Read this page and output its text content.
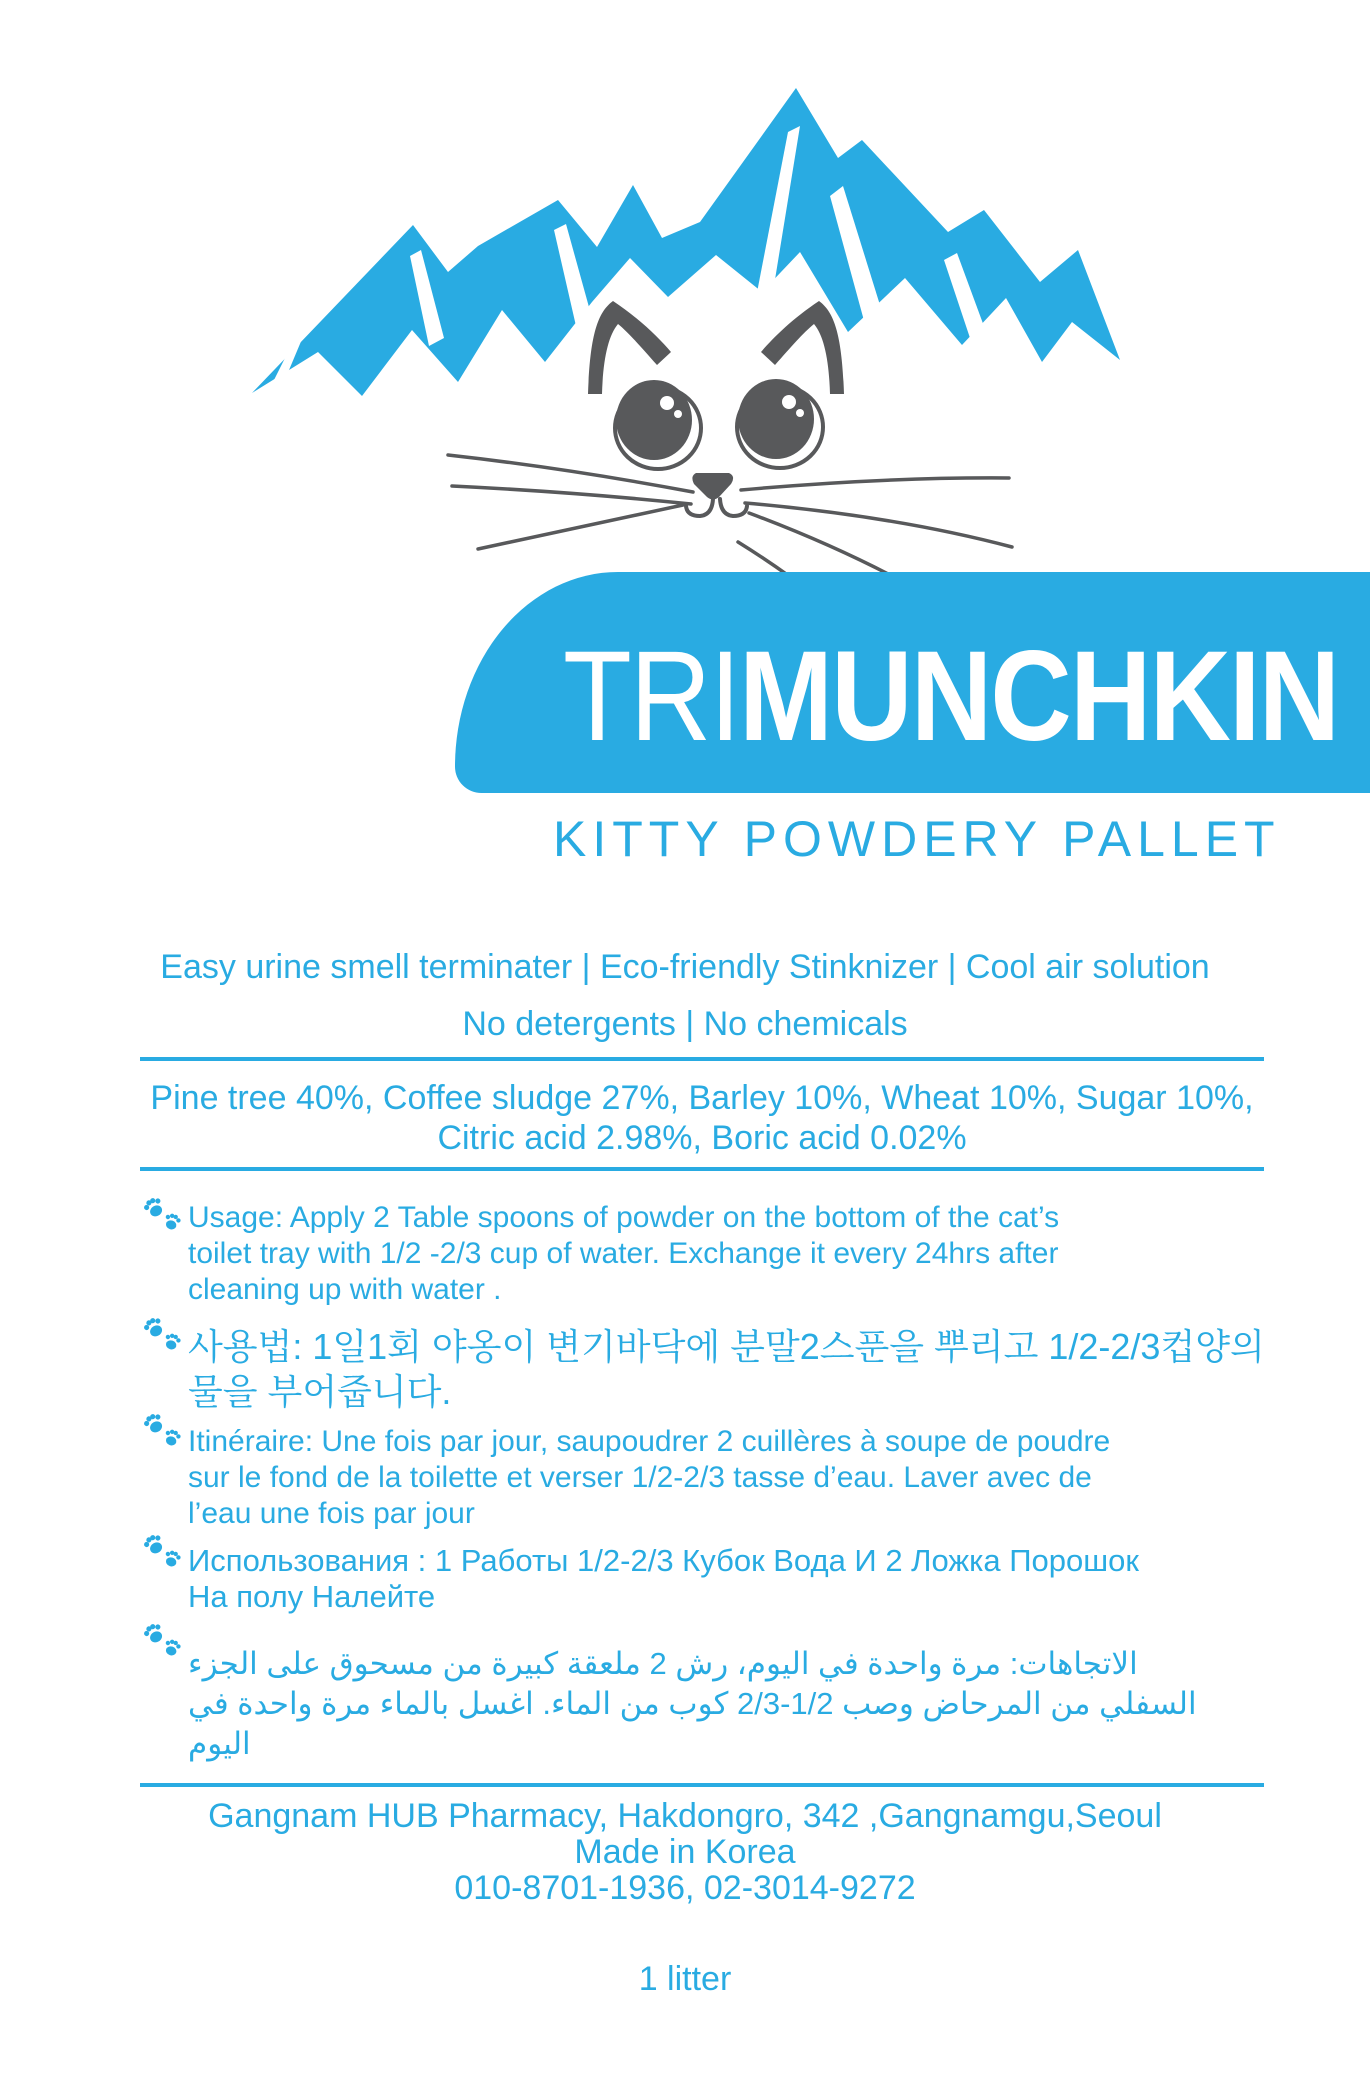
TRIMUNCHKIN
KITTY POWDERY PALLET
Easy urine smell terminater | Eco-friendly Stinknizer | Cool air solution
No detergents | No chemicals
Pine tree 40%, Coffee sludge 27%, Barley 10%, Wheat 10%, Sugar 10%,
Citric acid 2.98%, Boric acid 0.02%
Usage: Apply 2 Table spoons of powder on the bottom of the cat’s
toilet tray with 1/2 -2/3 cup of water. Exchange it every 24hrs after
cleaning up with water .
사용법: 1일1회 야옹이 변기바닥에 분말2스푼을 뿌리고 1/2-2/3컵양의
물을 부어줍니다.
Itinéraire: Une fois par jour, saupoudrer 2 cuillères à soupe de poudre
sur le fond de la toilette et verser 1/2-2/3 tasse d’eau. Laver avec de
l’eau une fois par jour
Использования : 1 Работы 1/2-2/3 Кубок Вода И 2 Ложка Порошок
На полу Налейте
الاتجاهات: مرة واحدة في اليوم، رش 2 ملعقة كبيرة من مسحوق على الجزء
السفلي من المرحاض وصب 1/2-2/3 كوب من الماء. اغسل بالماء مرة واحدة في
اليوم
Gangnam HUB Pharmacy, Hakdongro, 342 ,Gangnamgu,Seoul
Made in Korea
010-8701-1936, 02-3014-9272
1 litter
